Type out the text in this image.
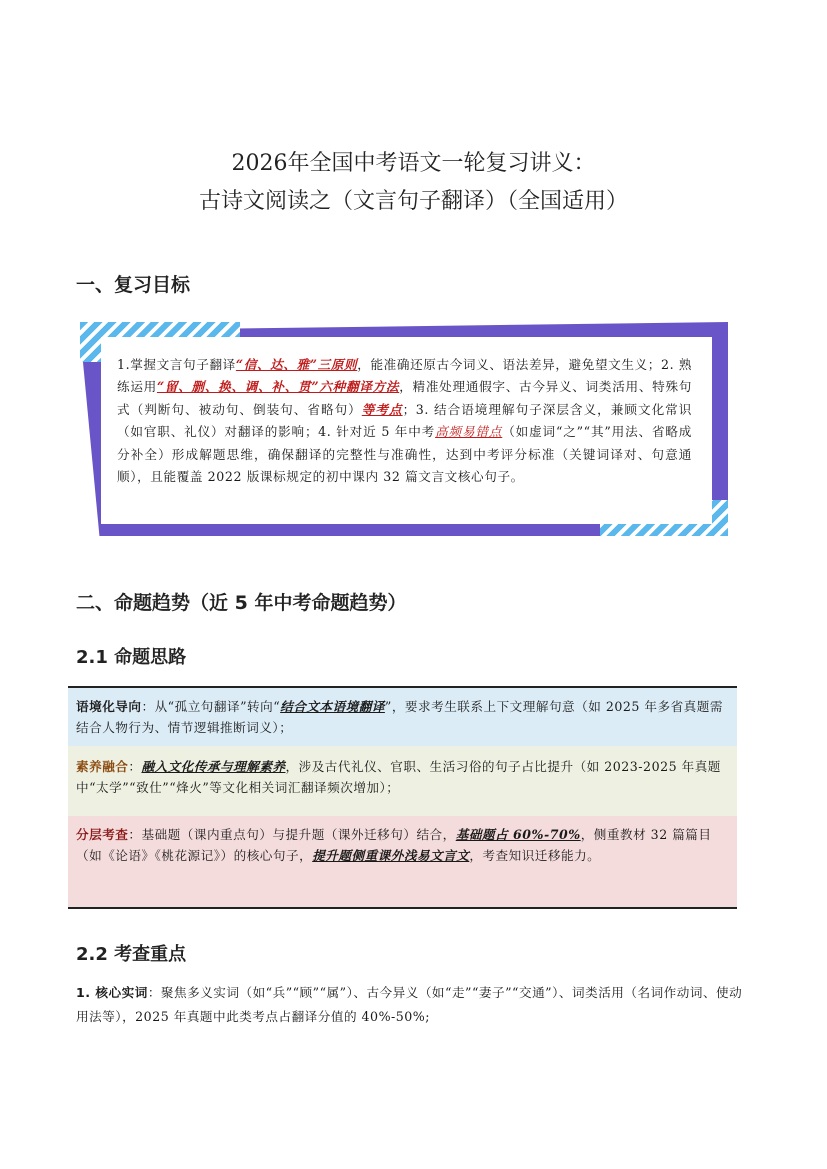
2026年全国中考语文一轮复习讲义：
古诗文阅读之（文言句子翻译）（全国适用）
一、复习目标
1.掌握文言句子翻译“信、达、雅”三原则，能准确还原古今词义、语法差异，避免望文生义；2. 熟练运用“留、删、换、调、补、贯”六种翻译方法，精准处理通假字、古今异义、词类活用、特殊句式（判断句、被动句、倒装句、省略句）等考点；3. 结合语境理解句子深层含义，兼顾文化常识（如官职、礼仪）对翻译的影响；4. 针对近 5 年中考高频易错点（如虚词“之”“其”用法、省略成分补全）形成解题思维，确保翻译的完整性与准确性，达到中考评分标准（关键词译对、句意通顺），且能覆盖 2022 版课标规定的初中课内 32 篇文言文核心句子。
二、命题趋势（近 5 年中考命题趋势）
2.1 命题思路
语境化导向：从“孤立句翻译”转向“结合文本语境翻译”，要求考生联系上下文理解句意（如 2025 年多省真题需结合人物行为、情节逻辑推断词义）；
素养融合：融入文化传承与理解素养，涉及古代礼仪、官职、生活习俗的句子占比提升（如 2023-2025 年真题中“太学”“致仕”“烽火”等文化相关词汇翻译频次增加）；
分层考查：基础题（课内重点句）与提升题（课外迁移句）结合，基础题占 60%-70%，侧重教材 32 篇篇目（如《论语》《桃花源记》）的核心句子，提升题侧重课外浅易文言文，考查知识迁移能力。
2.2 考查重点
1. 核心实词：聚焦多义实词（如“兵”“顾”“属”）、古今异义（如“走”“妻子”“交通”）、词类活用（名词作动词、使动用法等），2025 年真题中此类考点占翻译分值的 40%-50%;
